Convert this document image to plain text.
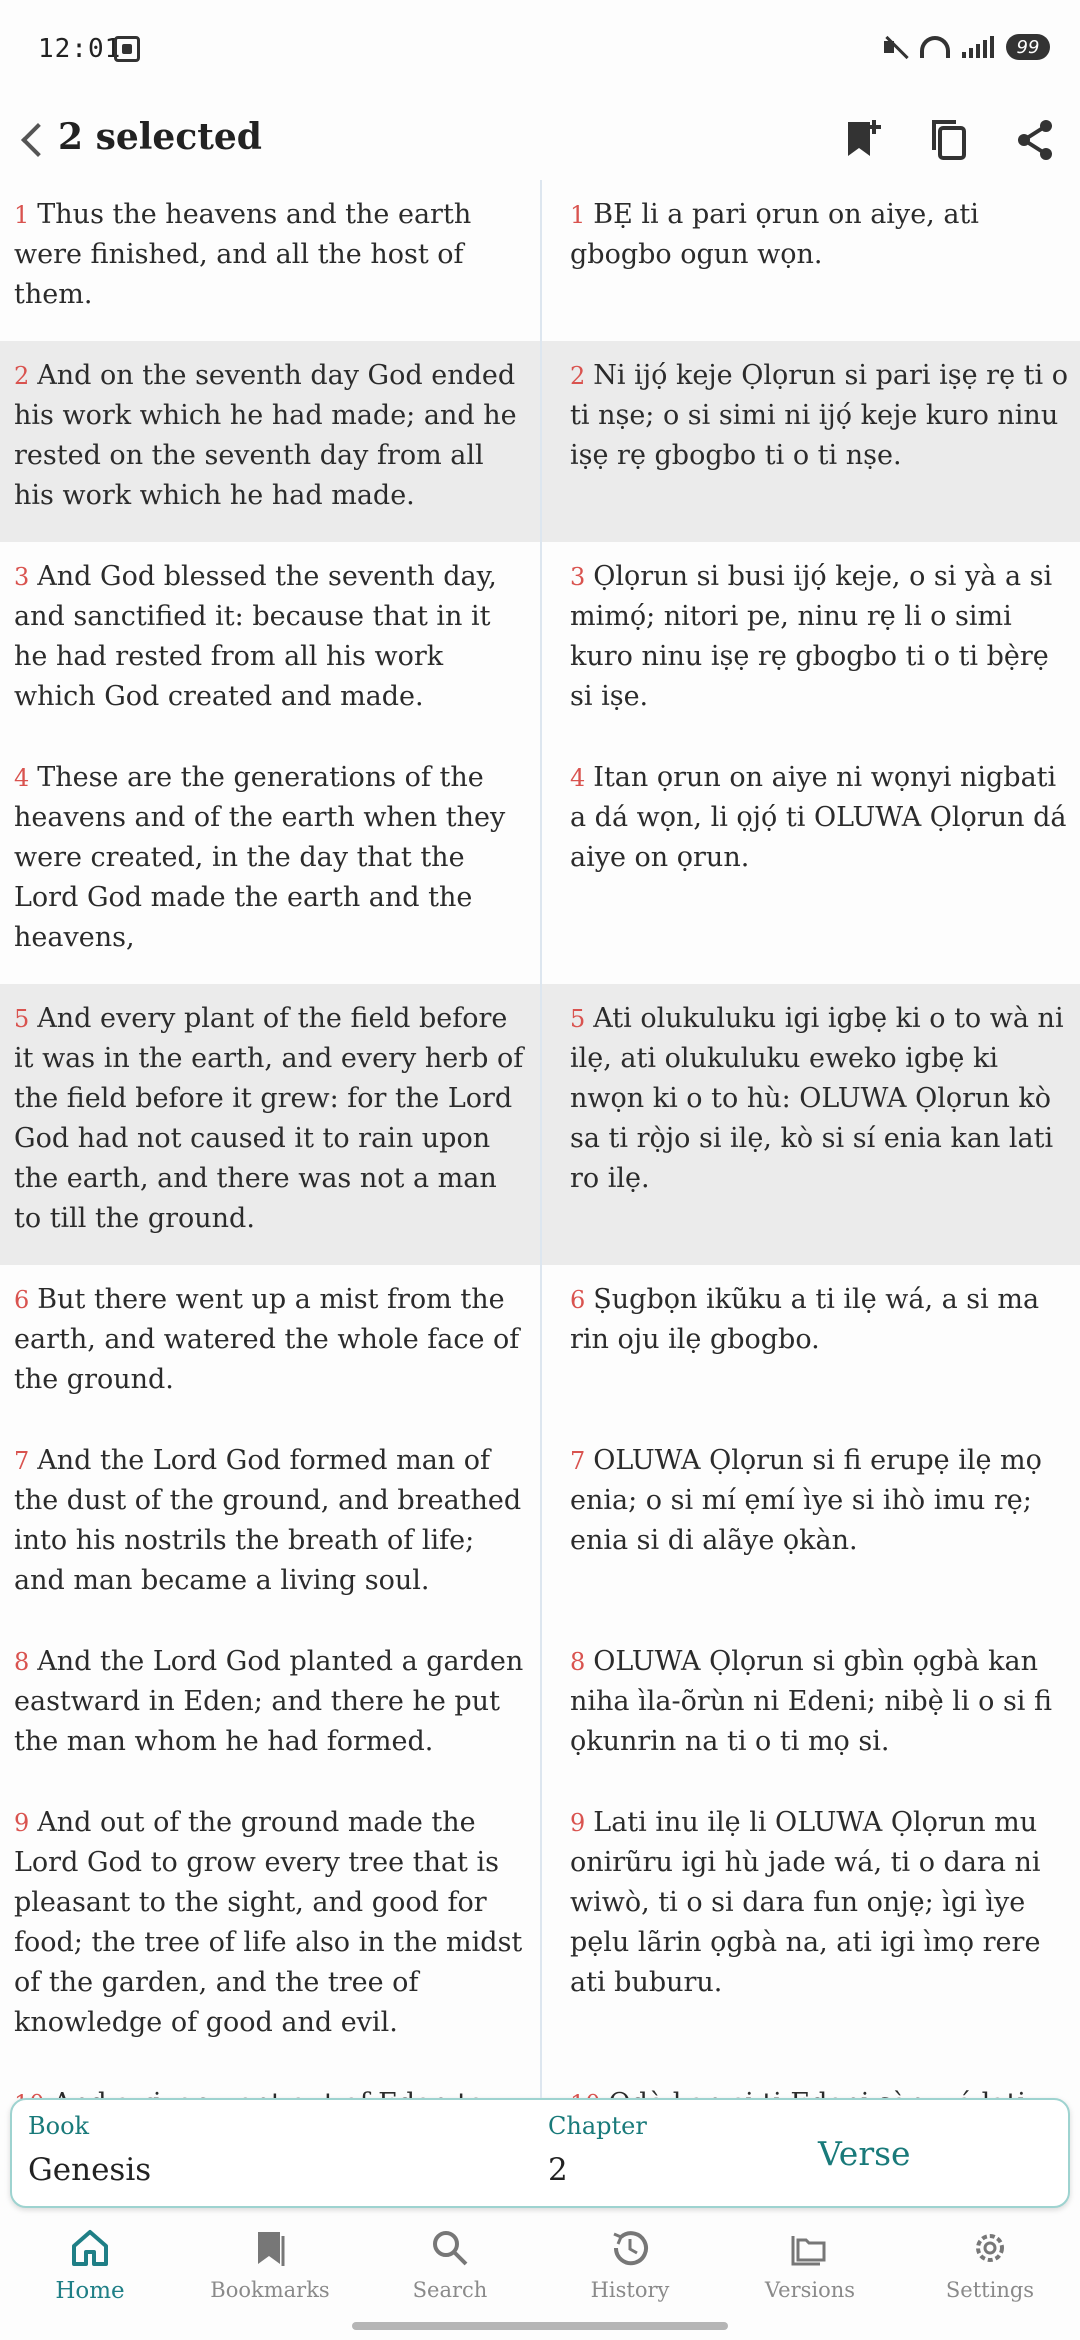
12:01	99
2 selected
1 Thus the heavens and the earth were finished, and all the host of them.
1 BẸ li a pari ọrun on aiye, ati gbogbo ogun wọn.
2 And on the seventh day God ended his work which he had made; and he rested on the seventh day from all his work which he had made.
2 Ni ijọ́ keje Ọlọrun si pari iṣẹ rẹ ti o ti nṣe; o si simi ni ijọ́ keje kuro ninu iṣẹ rẹ gbogbo ti o ti nṣe.
3 And God blessed the seventh day, and sanctified it: because that in it he had rested from all his work which God created and made.
3 Ọlọrun si busi ijọ́ keje, o si yà a si mimọ́; nitori pe, ninu rẹ li o simi kuro ninu iṣẹ rẹ gbogbo ti o ti bẹ̀rẹ si iṣe.
4 These are the generations of the heavens and of the earth when they were created, in the day that the Lord God made the earth and the heavens,
4 Itan ọrun on aiye ni wọnyi nigbati a dá wọn, li ọjọ́ ti OLUWA Ọlọrun dá aiye on ọrun.
5 And every plant of the field before it was in the earth, and every herb of the field before it grew: for the Lord God had not caused it to rain upon the earth, and there was not a man to till the ground.
5 Ati olukuluku igi igbẹ ki o to wà ni ilẹ, ati olukuluku eweko igbẹ ki nwọn ki o to hù: OLUWA Ọlọrun kò sa ti rọ̀jo si ilẹ, kò si sí enia kan lati ro ilẹ.
6 But there went up a mist from the earth, and watered the whole face of the ground.
6 Ṣugbọn ikũku a ti ilẹ wá, a si ma rin oju ilẹ gbogbo.
7 And the Lord God formed man of the dust of the ground, and breathed into his nostrils the breath of life; and man became a living soul.
7 OLUWA Ọlọrun si fi erupẹ ilẹ mọ enia; o si mí ẹmí ìye si ihò imu rẹ; enia si di alãye ọkàn.
8 And the Lord God planted a garden eastward in Eden; and there he put the man whom he had formed.
8 OLUWA Ọlọrun si gbìn ọgbà kan niha ìla-õrùn ni Edeni; nibẹ̀ li o si fi ọkunrin na ti o ti mọ si.
9 And out of the ground made the Lord God to grow every tree that is pleasant to the sight, and good for food; the tree of life also in the midst of the garden, and the tree of knowledge of good and evil.
9 Lati inu ilẹ li OLUWA Ọlọrun mu onirũru igi hù jade wá, ti o dara ni wiwò, ti o si dara fun onjẹ; ìgi ìye pẹlu lãrin ọgbà na, ati igi ìmọ rere ati buburu.
Book
Genesis
Chapter
2	Verse
Home	Bookmarks	Search	History	Versions	Settings
